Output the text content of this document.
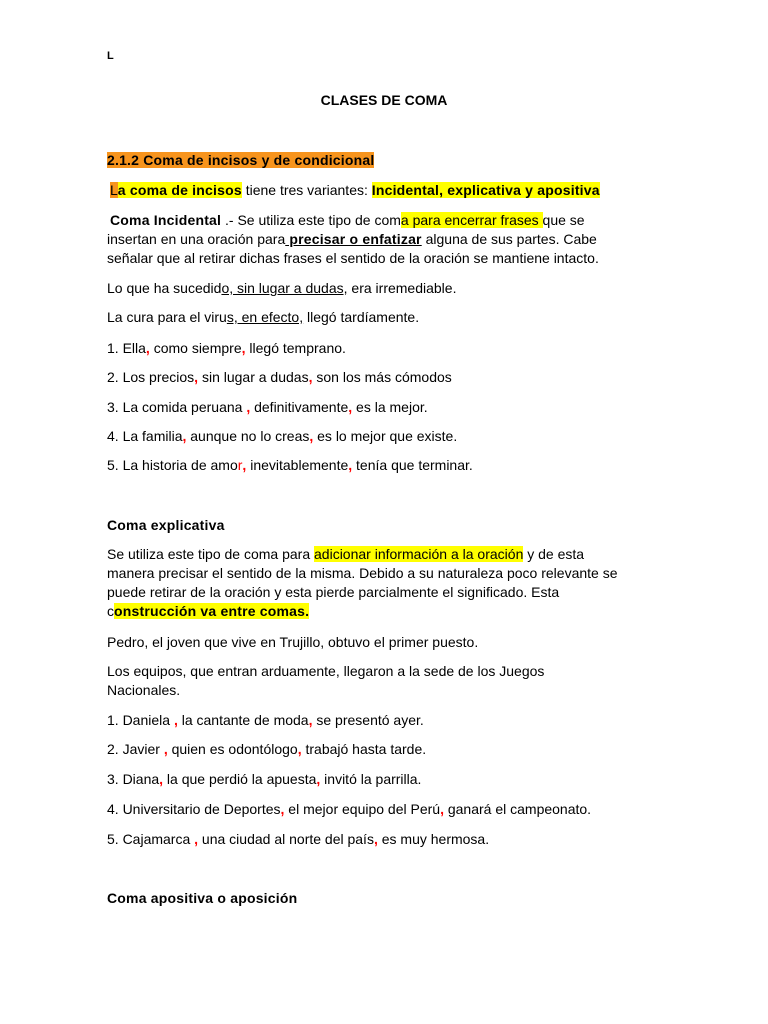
L
CLASES DE COMA
2.1.2 Coma de incisos y de condicional
La coma de incisos tiene tres variantes: Incidental, explicativa y apositiva
Coma Incidental .- Se utiliza este tipo de coma para encerrar frases que se
insertan en una oración para precisar o enfatizar alguna de sus partes. Cabe
señalar que al retirar dichas frases el sentido de la oración se mantiene intacto.
Lo que ha sucedido, sin lugar a dudas, era irremediable.
La cura para el virus, en efecto, llegó tardíamente.
1. Ella, como siempre, llegó temprano.
2. Los precios, sin lugar a dudas, son los más cómodos
3. La comida peruana , definitivamente, es la mejor.
4. La familia, aunque no lo creas, es lo mejor que existe.
5. La historia de amor, inevitablemente, tenía que terminar.
Coma explicativa
Se utiliza este tipo de coma para adicionar información a la oración y de esta
manera precisar el sentido de la misma. Debido a su naturaleza poco relevante se
puede retirar de la oración y esta pierde parcialmente el significado. Esta
construcción va entre comas.
Pedro, el joven que vive en Trujillo, obtuvo el primer puesto.
Los equipos, que entran arduamente, llegaron a la sede de los Juegos
Nacionales.
1. Daniela , la cantante de moda, se presentó ayer.
2. Javier , quien es odontólogo, trabajó hasta tarde.
3. Diana, la que perdió la apuesta, invitó la parrilla.
4. Universitario de Deportes, el mejor equipo del Perú, ganará el campeonato.
5. Cajamarca , una ciudad al norte del país, es muy hermosa.
Coma apositiva o aposición
